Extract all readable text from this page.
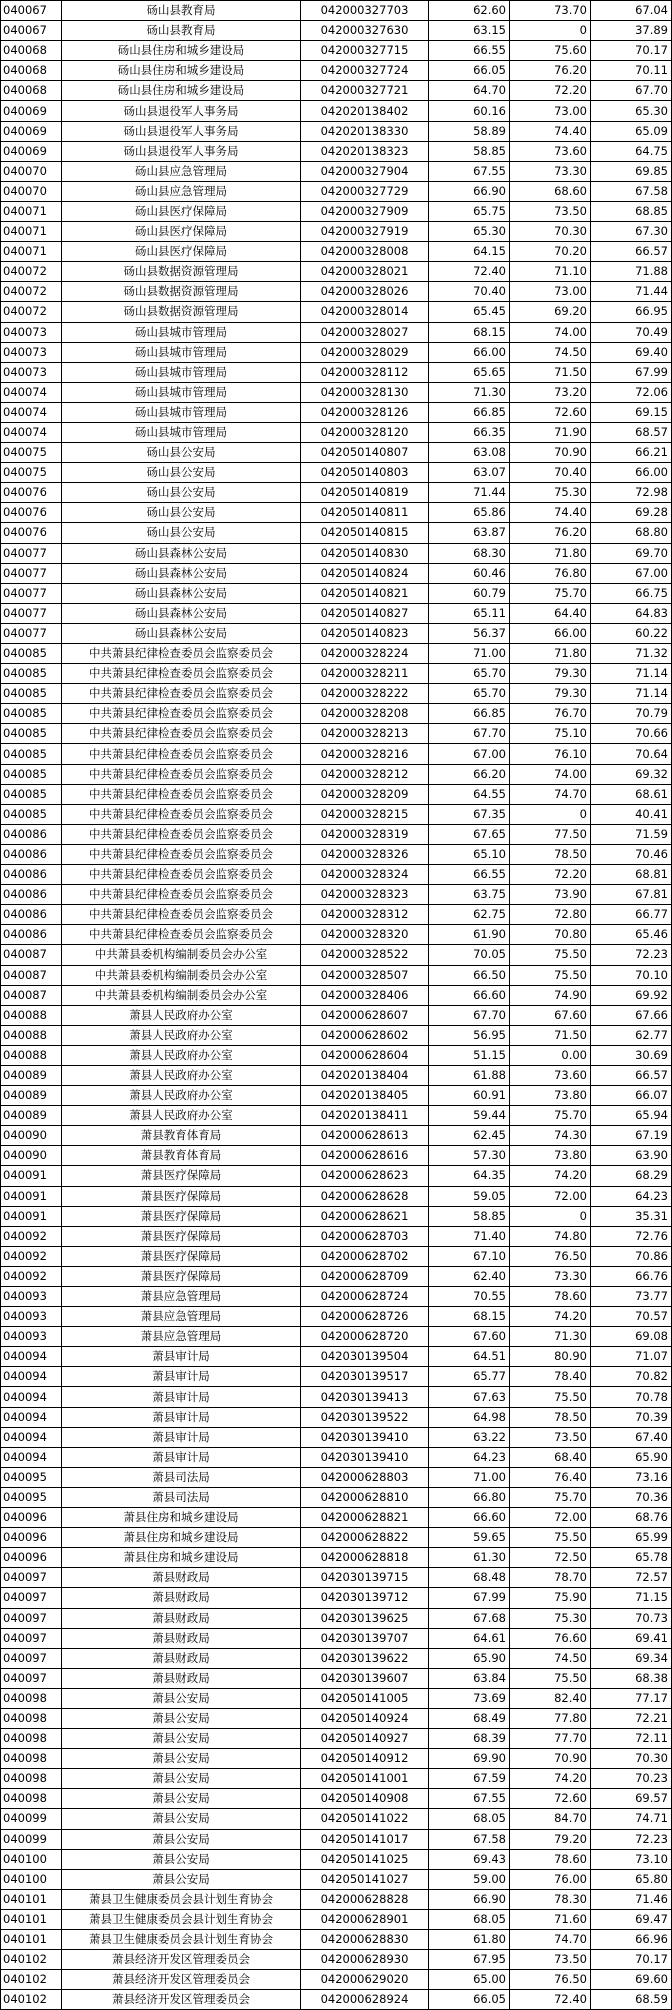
040067	砀山县教育局	042000327703	62.60	73.70	67.04
040067	砀山县教育局	042000327630	63.15	0	37.89
040068	砀山县住房和城乡建设局	042000327715	66.55	75.60	70.17
040068	砀山县住房和城乡建设局	042000327724	66.05	76.20	70.11
040068	砀山县住房和城乡建设局	042000327721	64.70	72.20	67.70
040069	砀山县退役军人事务局	042020138402	60.16	73.00	65.30
040069	砀山县退役军人事务局	042020138330	58.89	74.40	65.09
040069	砀山县退役军人事务局	042020138323	58.85	73.60	64.75
040070	砀山县应急管理局	042000327904	67.55	73.30	69.85
040070	砀山县应急管理局	042000327729	66.90	68.60	67.58
040071	砀山县医疗保障局	042000327909	65.75	73.50	68.85
040071	砀山县医疗保障局	042000327919	65.30	70.30	67.30
040071	砀山县医疗保障局	042000328008	64.15	70.20	66.57
040072	砀山县数据资源管理局	042000328021	72.40	71.10	71.88
040072	砀山县数据资源管理局	042000328026	70.40	73.00	71.44
040072	砀山县数据资源管理局	042000328014	65.45	69.20	66.95
040073	砀山县城市管理局	042000328027	68.15	74.00	70.49
040073	砀山县城市管理局	042000328029	66.00	74.50	69.40
040073	砀山县城市管理局	042000328112	65.65	71.50	67.99
040074	砀山县城市管理局	042000328130	71.30	73.20	72.06
040074	砀山县城市管理局	042000328126	66.85	72.60	69.15
040074	砀山县城市管理局	042000328120	66.35	71.90	68.57
040075	砀山县公安局	042050140807	63.08	70.90	66.21
040075	砀山县公安局	042050140803	63.07	70.40	66.00
040076	砀山县公安局	042050140819	71.44	75.30	72.98
040076	砀山县公安局	042050140811	65.86	74.40	69.28
040076	砀山县公安局	042050140815	63.87	76.20	68.80
040077	砀山县森林公安局	042050140830	68.30	71.80	69.70
040077	砀山县森林公安局	042050140824	60.46	76.80	67.00
040077	砀山县森林公安局	042050140821	60.79	75.70	66.75
040077	砀山县森林公安局	042050140827	65.11	64.40	64.83
040077	砀山县森林公安局	042050140823	56.37	66.00	60.22
040085	中共萧县纪律检查委员会监察委员会	042000328224	71.00	71.80	71.32
040085	中共萧县纪律检查委员会监察委员会	042000328211	65.70	79.30	71.14
040085	中共萧县纪律检查委员会监察委员会	042000328222	65.70	79.30	71.14
040085	中共萧县纪律检查委员会监察委员会	042000328208	66.85	76.70	70.79
040085	中共萧县纪律检查委员会监察委员会	042000328213	67.70	75.10	70.66
040085	中共萧县纪律检查委员会监察委员会	042000328216	67.00	76.10	70.64
040085	中共萧县纪律检查委员会监察委员会	042000328212	66.20	74.00	69.32
040085	中共萧县纪律检查委员会监察委员会	042000328209	64.55	74.70	68.61
040085	中共萧县纪律检查委员会监察委员会	042000328215	67.35	0	40.41
040086	中共萧县纪律检查委员会监察委员会	042000328319	67.65	77.50	71.59
040086	中共萧县纪律检查委员会监察委员会	042000328326	65.10	78.50	70.46
040086	中共萧县纪律检查委员会监察委员会	042000328324	66.55	72.20	68.81
040086	中共萧县纪律检查委员会监察委员会	042000328323	63.75	73.90	67.81
040086	中共萧县纪律检查委员会监察委员会	042000328312	62.75	72.80	66.77
040086	中共萧县纪律检查委员会监察委员会	042000328320	61.90	70.80	65.46
040087	中共萧县委机构编制委员会办公室	042000328522	70.05	75.50	72.23
040087	中共萧县委机构编制委员会办公室	042000328507	66.50	75.50	70.10
040087	中共萧县委机构编制委员会办公室	042000328406	66.60	74.90	69.92
040088	萧县人民政府办公室	042000628607	67.70	67.60	67.66
040088	萧县人民政府办公室	042000628602	56.95	71.50	62.77
040088	萧县人民政府办公室	042000628604	51.15	0.00	30.69
040089	萧县人民政府办公室	042020138404	61.88	73.60	66.57
040089	萧县人民政府办公室	042020138405	60.91	73.80	66.07
040089	萧县人民政府办公室	042020138411	59.44	75.70	65.94
040090	萧县教育体育局	042000628613	62.45	74.30	67.19
040090	萧县教育体育局	042000628616	57.30	73.80	63.90
040091	萧县医疗保障局	042000628623	64.35	74.20	68.29
040091	萧县医疗保障局	042000628628	59.05	72.00	64.23
040091	萧县医疗保障局	042000628621	58.85	0	35.31
040092	萧县医疗保障局	042000628703	71.40	74.80	72.76
040092	萧县医疗保障局	042000628702	67.10	76.50	70.86
040092	萧县医疗保障局	042000628709	62.40	73.30	66.76
040093	萧县应急管理局	042000628724	70.55	78.60	73.77
040093	萧县应急管理局	042000628726	68.15	74.20	70.57
040093	萧县应急管理局	042000628720	67.60	71.30	69.08
040094	萧县审计局	042030139504	64.51	80.90	71.07
040094	萧县审计局	042030139517	65.77	78.40	70.82
040094	萧县审计局	042030139413	67.63	75.50	70.78
040094	萧县审计局	042030139522	64.98	78.50	70.39
040094	萧县审计局	042030139410	63.22	73.50	67.40
040094	萧县审计局	042030139410	64.23	68.40	65.90
040095	萧县司法局	042000628803	71.00	76.40	73.16
040095	萧县司法局	042000628810	66.80	75.70	70.36
040096	萧县住房和城乡建设局	042000628821	66.60	72.00	68.76
040096	萧县住房和城乡建设局	042000628822	59.65	75.50	65.99
040096	萧县住房和城乡建设局	042000628818	61.30	72.50	65.78
040097	萧县财政局	042030139715	68.48	78.70	72.57
040097	萧县财政局	042030139712	67.99	75.90	71.15
040097	萧县财政局	042030139625	67.68	75.30	70.73
040097	萧县财政局	042030139707	64.61	76.60	69.41
040097	萧县财政局	042030139622	65.90	74.50	69.34
040097	萧县财政局	042030139607	63.84	75.50	68.38
040098	萧县公安局	042050141005	73.69	82.40	77.17
040098	萧县公安局	042050140924	68.49	77.80	72.21
040098	萧县公安局	042050140927	68.39	77.70	72.11
040098	萧县公安局	042050140912	69.90	70.90	70.30
040098	萧县公安局	042050141001	67.59	74.20	70.23
040098	萧县公安局	042050140908	67.55	72.60	69.57
040099	萧县公安局	042050141022	68.05	84.70	74.71
040099	萧县公安局	042050141017	67.58	79.20	72.23
040100	萧县公安局	042050141025	69.43	78.60	73.10
040100	萧县公安局	042050141027	59.00	76.00	65.80
040101	萧县卫生健康委员会县计划生育协会	042000628828	66.90	78.30	71.46
040101	萧县卫生健康委员会县计划生育协会	042000628901	68.05	71.60	69.47
040101	萧县卫生健康委员会县计划生育协会	042000628830	61.80	74.70	66.96
040102	萧县经济开发区管理委员会	042000628930	67.95	73.50	70.17
040102	萧县经济开发区管理委员会	042000629020	65.00	76.50	69.60
040102	萧县经济开发区管理委员会	042000628924	66.05	72.40	68.59
